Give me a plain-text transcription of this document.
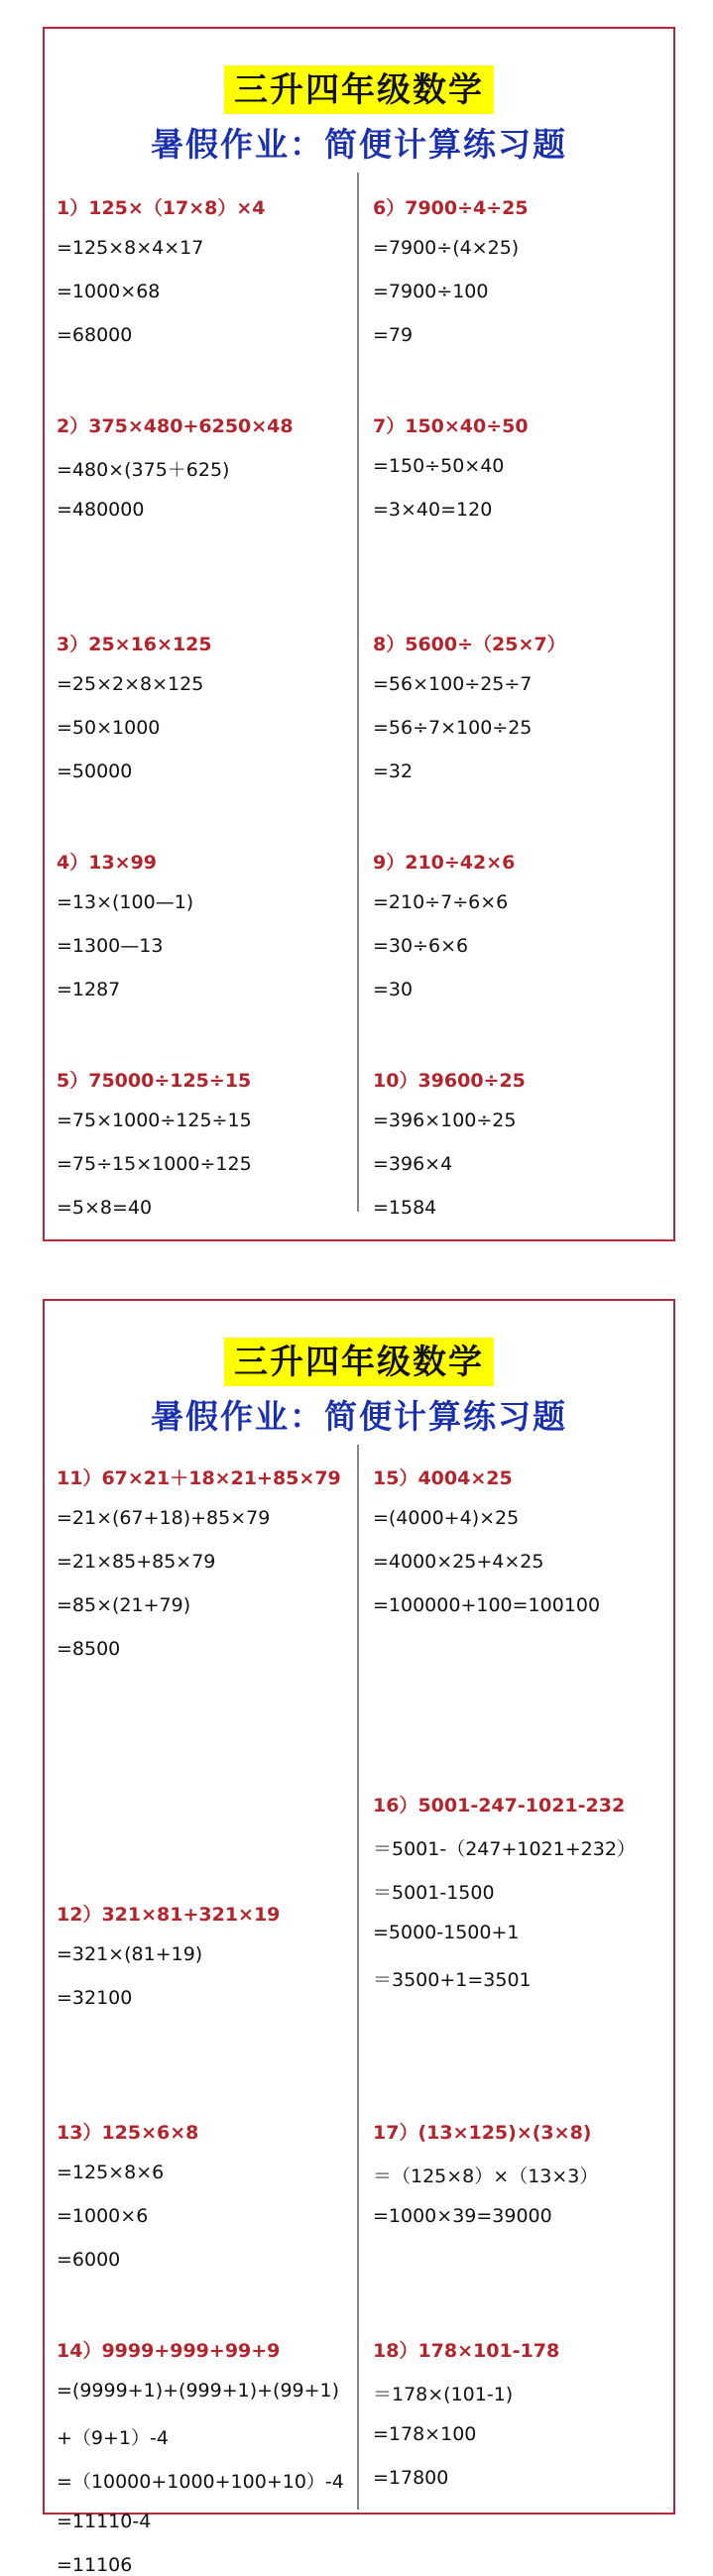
三升四年级数学
暑假作业：简便计算练习题
1）125×（17×8）×4
=125×8×4×17
=1000×68
=68000
2）375×480+6250×48
=480×(375＋625)
=480000
3）25×16×125
=25×2×8×125
=50×1000
=50000
4）13×99
=13×(100—1)
=1300—13
=1287
5）75000÷125÷15
=75×1000÷125÷15
=75÷15×1000÷125
=5×8=40
6）7900÷4÷25
=7900÷(4×25)
=7900÷100
=79
7）150×40÷50
=150÷50×40
=3×40=120
8）5600÷（25×7）
=56×100÷25÷7
=56÷7×100÷25
=32
9）210÷42×6
=210÷7÷6×6
=30÷6×6
=30
10）39600÷25
=396×100÷25
=396×4
=1584
三升四年级数学
暑假作业：简便计算练习题
11）67×21＋18×21+85×79
=21×(67+18)+85×79
=21×85+85×79
=85×(21+79)
=8500
12）321×81+321×19
=321×(81+19)
=32100
13）125×6×8
=125×8×6
=1000×6
=6000
14）9999+999+99+9
=(9999+1)+(999+1)+(99+1)
+（9+1）-4
=（10000+1000+100+10）-4
=11110-4
=11106
15）4004×25
=(4000+4)×25
=4000×25+4×25
=100000+100=100100
16）5001-247-1021-232
＝5001-（247+1021+232）
＝5001-1500
=5000-1500+1
＝3500+1=3501
17）(13×125)×(3×8)
＝（125×8）×（13×3）
=1000×39=39000
18）178×101-178
＝178×(101-1)
=178×100
=17800
